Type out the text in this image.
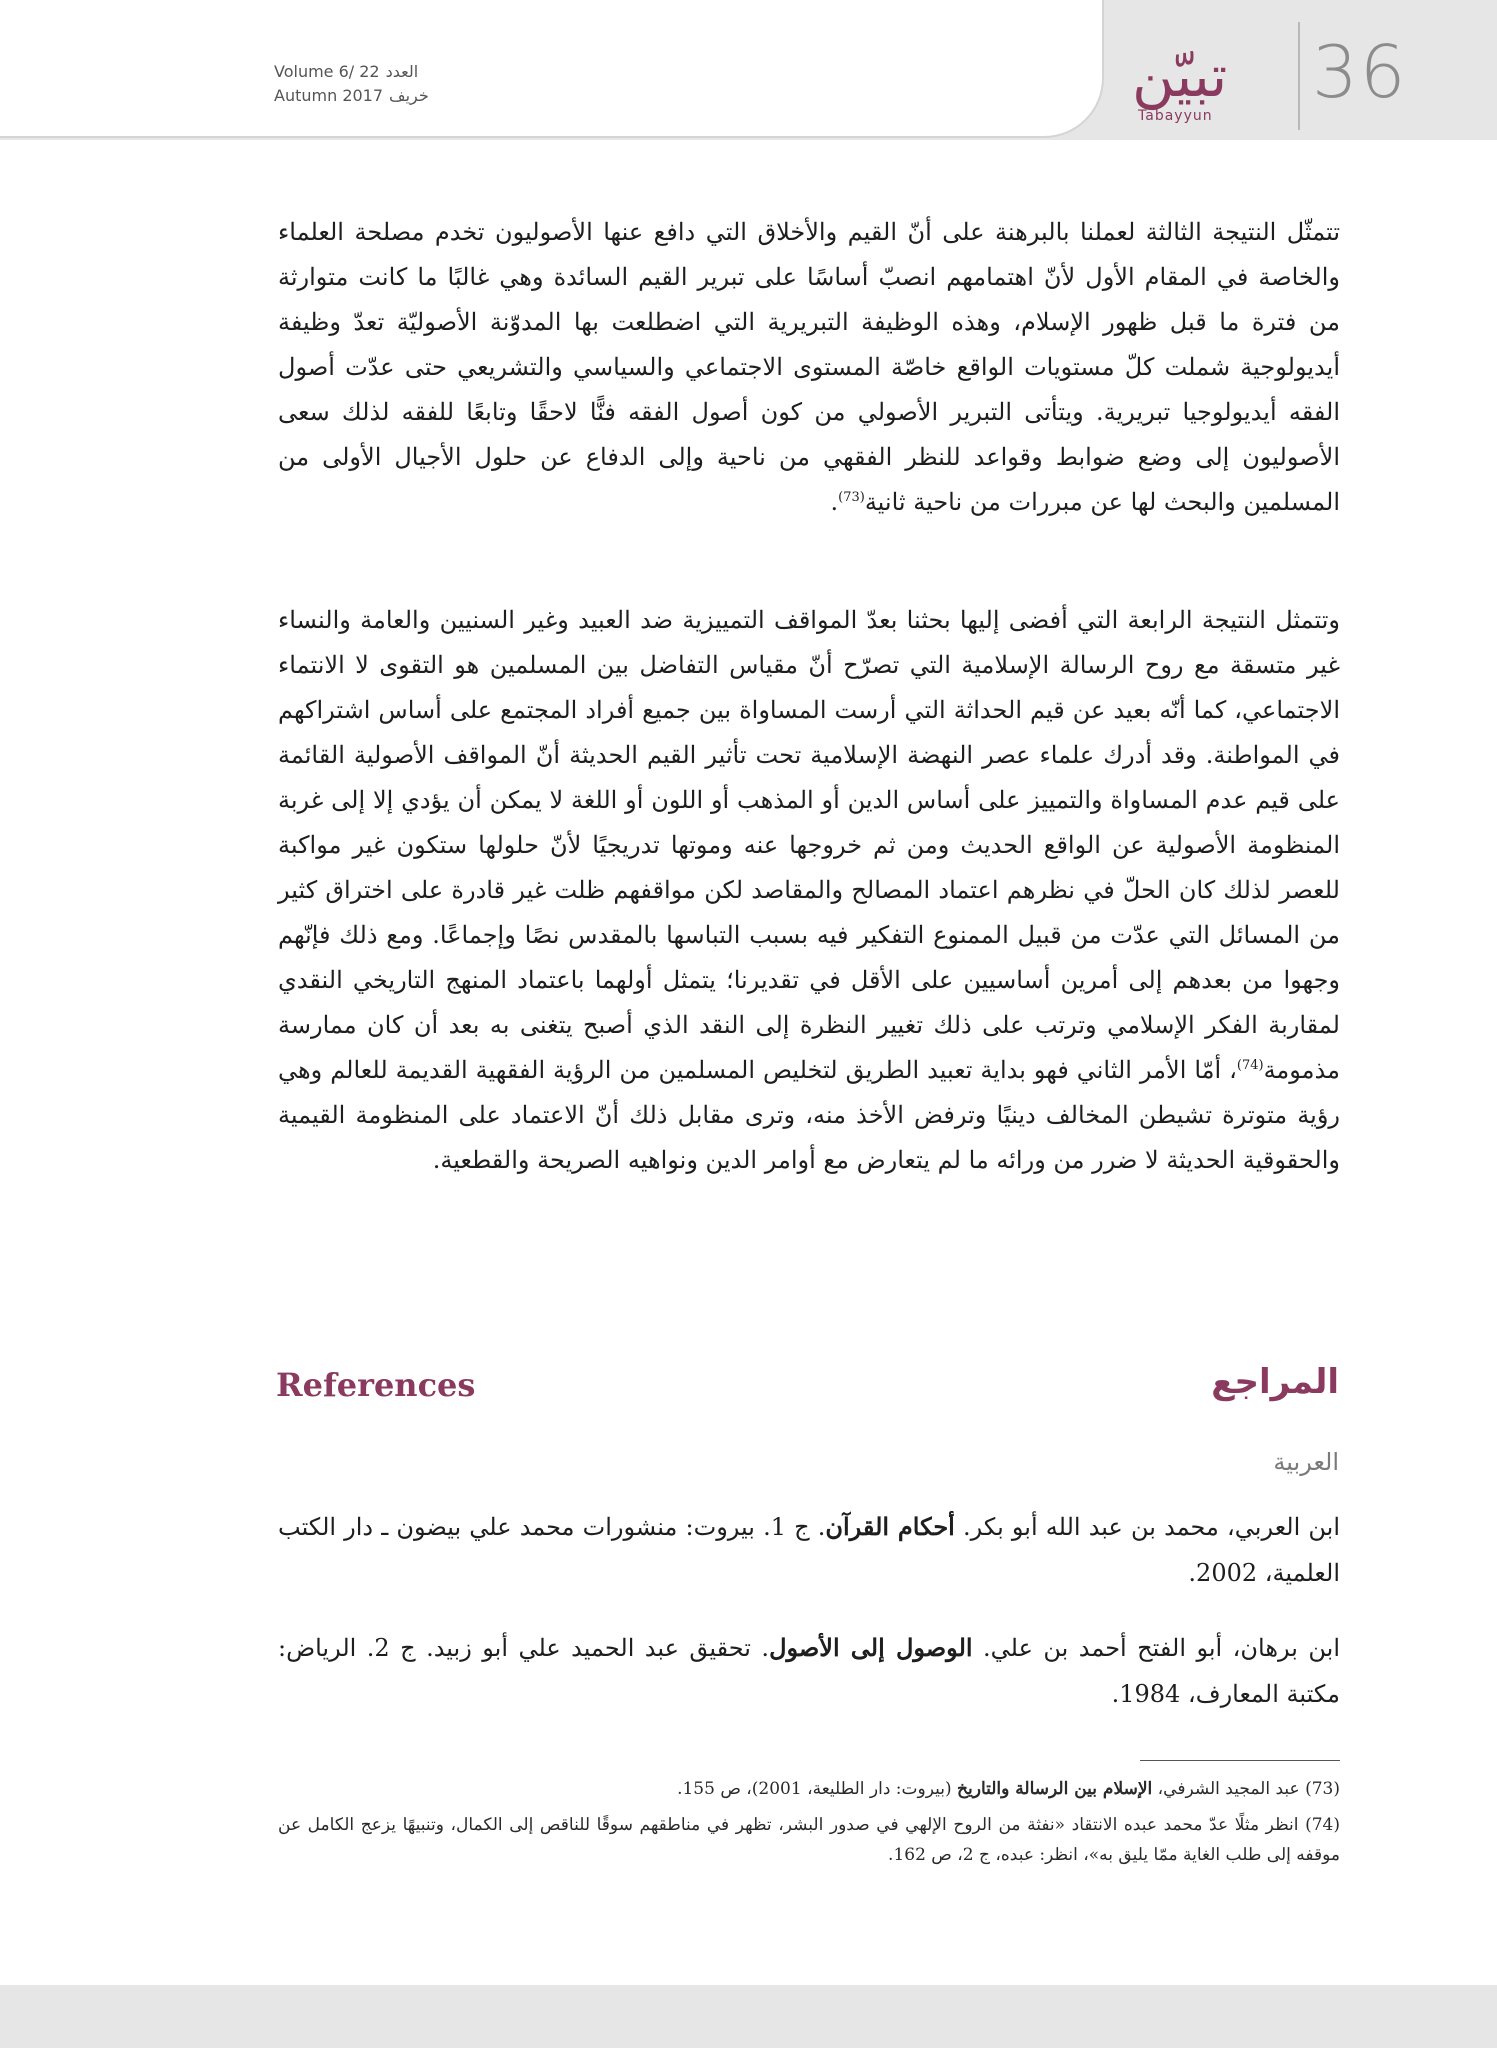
Volume 6/ 22 العدد
Autumn 2017 خريف	تبيّن
Tabayyun
36

تتمثّل النتيجة الثالثة لعملنا بالبرهنة على أنّ القيم والأخلاق التي دافع عنها الأصوليون تخدم مصلحة العلماء والخاصة في المقام الأول لأنّ اهتمامهم انصبّ أساسًا على تبرير القيم السائدة وهي غالبًا ما كانت متوارثة من فترة ما قبل ظهور الإسلام، وهذه الوظيفة التبريرية التي اضطلعت بها المدوّنة الأصوليّة تعدّ وظيفة أيديولوجية شملت كلّ مستويات الواقع خاصّة المستوى الاجتماعي والسياسي والتشريعي حتى عدّت أصول الفقه أيديولوجيا تبريرية. ويتأتى التبرير الأصولي من كون أصول الفقه فنًّا لاحقًا وتابعًا للفقه لذلك سعى الأصوليون إلى وضع ضوابط وقواعد للنظر الفقهي من ناحية وإلى الدفاع عن حلول الأجيال الأولى من المسلمين والبحث لها عن مبررات من ناحية ثانية$^{(73)}$.

وتتمثل النتيجة الرابعة التي أفضى إليها بحثنا بعدّ المواقف التمييزية ضد العبيد وغير السنيين والعامة والنساء غير متسقة مع روح الرسالة الإسلامية التي تصرّح أنّ مقياس التفاضل بين المسلمين هو التقوى لا الانتماء الاجتماعي، كما أنّه بعيد عن قيم الحداثة التي أرست المساواة بين جميع أفراد المجتمع على أساس اشتراكهم في المواطنة. وقد أدرك علماء عصر النهضة الإسلامية تحت تأثير القيم الحديثة أنّ المواقف الأصولية القائمة على قيم عدم المساواة والتمييز على أساس الدين أو المذهب أو اللون أو اللغة لا يمكن أن يؤدي إلا إلى غربة المنظومة الأصولية عن الواقع الحديث ومن ثم خروجها عنه وموتها تدريجيًا لأنّ حلولها ستكون غير مواكبة للعصر لذلك كان الحلّ في نظرهم اعتماد المصالح والمقاصد لكن مواقفهم ظلت غير قادرة على اختراق كثير من المسائل التي عدّت من قبيل الممنوع التفكير فيه بسبب التباسها بالمقدس نصًا وإجماعًا. ومع ذلك فإنّهم وجهوا من بعدهم إلى أمرين أساسيين على الأقل في تقديرنا؛ يتمثل أولهما باعتماد المنهج التاريخي النقدي لمقاربة الفكر الإسلامي وترتب على ذلك تغيير النظرة إلى النقد الذي أصبح يتغنى به بعد أن كان ممارسة مذمومة$^{(74)}$، أمّا الأمر الثاني فهو بداية تعبيد الطريق لتخليص المسلمين من الرؤية الفقهية القديمة للعالم وهي رؤية متوترة تشيطن المخالف دينيًا وترفض الأخذ منه، وترى مقابل ذلك أنّ الاعتماد على المنظومة القيمية والحقوقية الحديثة لا ضرر من ورائه ما لم يتعارض مع أوامر الدين ونواهيه الصريحة والقطعية.

References	المراجع
العربية

ابن العربي، محمد بن عبد الله أبو بكر. أحكام القرآن. ج 1. بيروت: منشورات محمد علي بيضون ـ دار الكتب العلمية، 2002.

ابن برهان، أبو الفتح أحمد بن علي. الوصول إلى الأصول. تحقيق عبد الحميد علي أبو زبيد. ج 2. الرياض: مكتبة المعارف، 1984.

(73) عبد المجيد الشرفي، الإسلام بين الرسالة والتاريخ (بيروت: دار الطليعة، 2001)، ص 155.

(74) انظر مثلًا عدّ محمد عبده الانتقاد «نفثة من الروح الإلهي في صدور البشر، تظهر في مناطقهم سوقًا للناقص إلى الكمال، وتنبيهًا يزعج الكامل عن موقفه إلى طلب الغاية ممّا يليق به»، انظر: عبده، ج 2، ص 162.
